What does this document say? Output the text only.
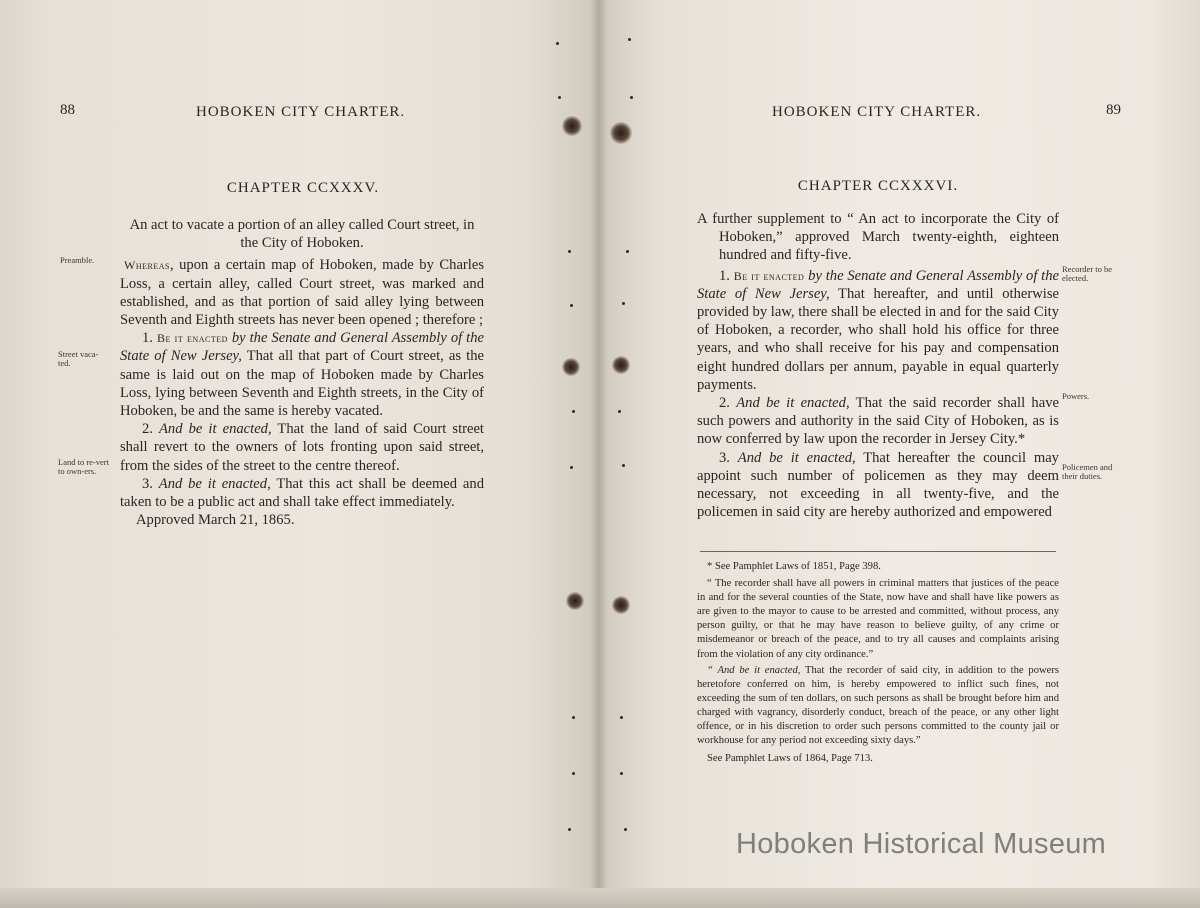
88	HOBOKEN CITY CHARTER.
CHAPTER CCXXXV.

An act to vacate a portion of an alley called Court street, in the City of Hoboken.

Whereas, upon a certain map of Hoboken, made by Charles Loss, a certain alley, called Court street, was marked and established, and as that portion of said alley lying between Seventh and Eighth streets has never been opened ; therefore ;

1. Be it enacted by the Senate and General Assembly of the State of New Jersey, That all that part of Court street, as the same is laid out on the map of Hoboken made by Charles Loss, lying between Seventh and Eighth streets, in the City of Hoboken, be and the same is hereby vacated.

2. And be it enacted, That the land of said Court street shall revert to the owners of lots fronting upon said street, from the sides of the street to the centre thereof.

3. And be it enacted, That this act shall be deemed and taken to be a public act and shall take effect immediately.

Approved March 21, 1865.

Preamble.
Street vaca-ted.
Land to re-vert to own-ers.
HOBOKEN CITY CHARTER.	89
CHAPTER CCXXXVI.

A further supplement to “ An act to incorporate the City of Hoboken,” approved March twenty-eighth, eighteen hundred and fifty-five.

1. Be it enacted by the Senate and General Assembly of the State of New Jersey, That hereafter, and until otherwise provided by law, there shall be elected in and for the said City of Hoboken, a recorder, who shall hold his office for three years, and who shall receive for his pay and compensation eight hundred dollars per annum, payable in equal quarterly payments.

2. And be it enacted, That the said recorder shall have such powers and authority in the said City of Hoboken, as is now conferred by law upon the recorder in Jersey City.*

3. And be it enacted, That hereafter the council may appoint such number of policemen as they may deem necessary, not exceeding in all twenty-five, and the policemen in said city are hereby authorized and empowered

Recorder to be elected.
Powers.
Policemen and their duties.

* See Pamphlet Laws of 1851, Page 398.

“ The recorder shall have all powers in criminal matters that justices of the peace in and for the several counties of the State, now have and shall have like powers as are given to the mayor to cause to be arrested and committed, without process, any person guilty, or that he may have reason to believe guilty, of any crime or misdemeanor or breach of the peace, and to try all causes and complaints arising from the violation of any city ordinance.”

“ And be it enacted, That the recorder of said city, in addition to the powers heretofore conferred on him, is hereby empowered to inflict such fines, not exceeding the sum of ten dollars, on such persons as shall be brought before him and charged with vagrancy, disorderly conduct, breach of the peace, or any other light offence, or in his discretion to order such persons committed to the county jail or workhouse for any period not exceeding sixty days.”

See Pamphlet Laws of 1864, Page 713.

Hoboken Historical Museum
